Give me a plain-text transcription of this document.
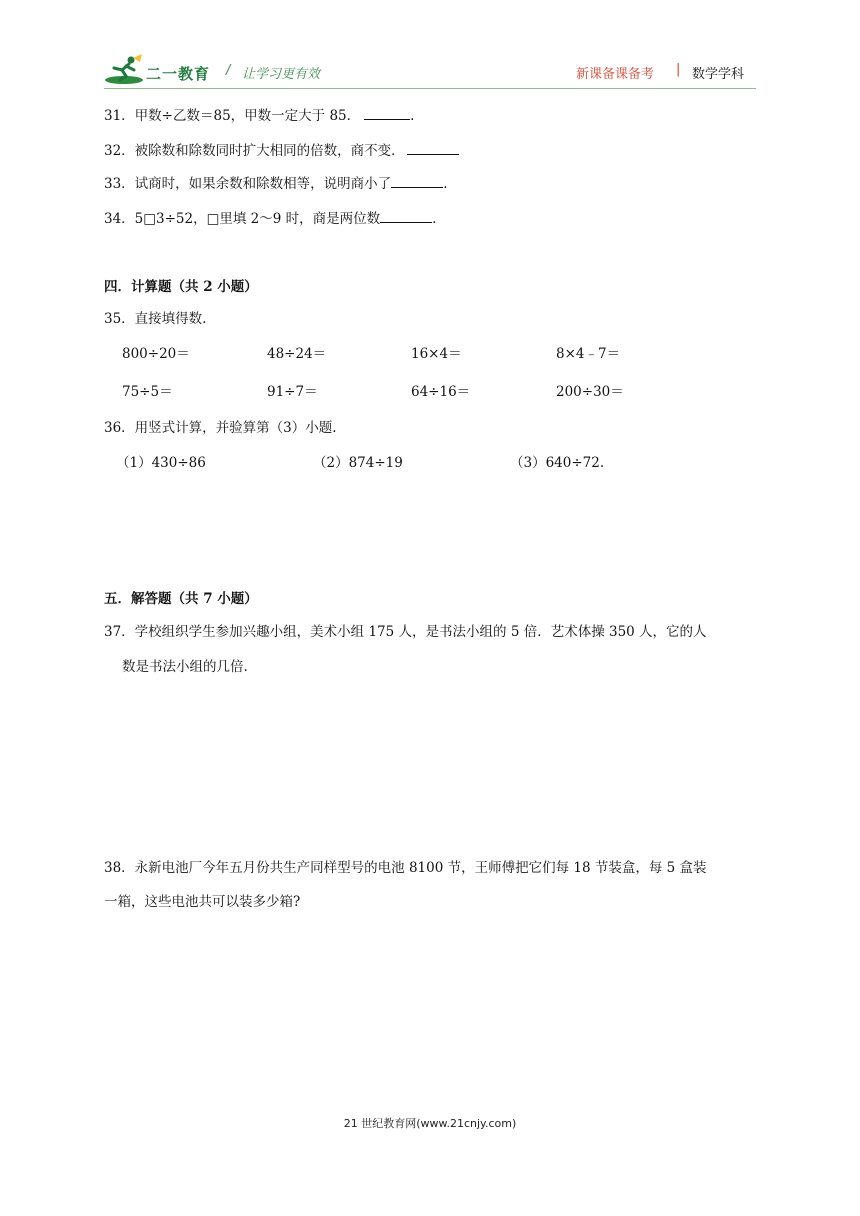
二一教育 / 让学习更有效	新课备课备考 | 数学学科
31．甲数÷乙数＝85，甲数一定大于 85．	.
32．被除数和除数同时扩大相同的倍数，商不变．
33．试商时，如果余数和除数相等，说明商小了	.
34．5□3÷52，□里填 2～9 时，商是两位数	.
四．计算题（共 2 小题）
35．直接填得数.
800÷20＝	48÷24＝	16×4＝	8×4﹣7＝
75÷5＝	91÷7＝	64÷16＝	200÷30＝
36．用竖式计算，并验算第（3）小题.
（1）430÷86	（2）874÷19	（3）640÷72.
五．解答题（共 7 小题）
37．学校组织学生参加兴趣小组，美术小组 175 人，是书法小组的 5 倍．艺术体操 350 人，它的人
数是书法小组的几倍.
38．永新电池厂今年五月份共生产同样型号的电池 8100 节，王师傅把它们每 18 节装盒，每 5 盒装
一箱，这些电池共可以装多少箱?
21 世纪教育网(www.21cnjy.com)
